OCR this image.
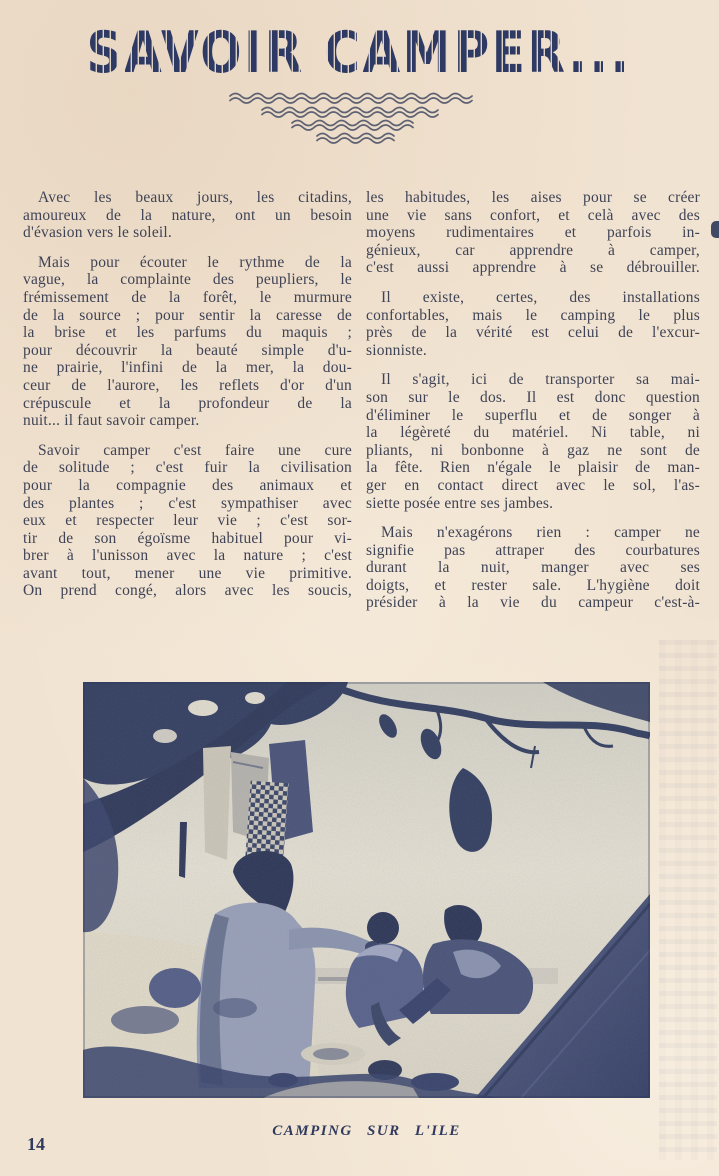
SAVOIR CAMPER...

Avec les beaux jours, les citadins,
amoureux de la nature, ont un besoin
d'évasion vers le soleil.

Mais pour écouter le rythme de la
vague, la complainte des peupliers, le
frémissement de la forêt, le murmure
de la source ; pour sentir la caresse de
la brise et les parfums du maquis ;
pour découvrir la beauté simple d'u-
ne prairie, l'infini de la mer, la dou-
ceur de l'aurore, les reflets d'or d'un
crépuscule et la profondeur de la
nuit... il faut savoir camper.

Savoir camper c'est faire une cure
de solitude ; c'est fuir la civilisation
pour la compagnie des animaux et
des plantes ; c'est sympathiser avec
eux et respecter leur vie ; c'est sor-
tir de son égoïsme habituel pour vi-
brer à l'unisson avec la nature ; c'est
avant tout, mener une vie primitive.
On prend congé, alors avec les soucis,

les habitudes, les aises pour se créer
une vie sans confort, et celà avec des
moyens rudimentaires et parfois in-
génieux, car apprendre à camper,
c'est aussi apprendre à se débrouiller.

Il existe, certes, des installations
confortables, mais le camping le plus
près de la vérité est celui de l'excur-
sionniste.

Il s'agit, ici de transporter sa mai-
son sur le dos. Il est donc question
d'éliminer le superflu et de songer à
la légèreté du matériel. Ni table, ni
pliants, ni bonbonne à gaz ne sont de
la fête. Rien n'égale le plaisir de man-
ger en contact direct avec le sol, l'as-
siette posée entre ses jambes.

Mais n'exagérons rien : camper ne
signifie pas attraper des courbatures
durant la nuit, manger avec ses
doigts, et rester sale. L'hygiène doit
présider à la vie du campeur c'est-à-

CAMPING SUR L'ILE
14
